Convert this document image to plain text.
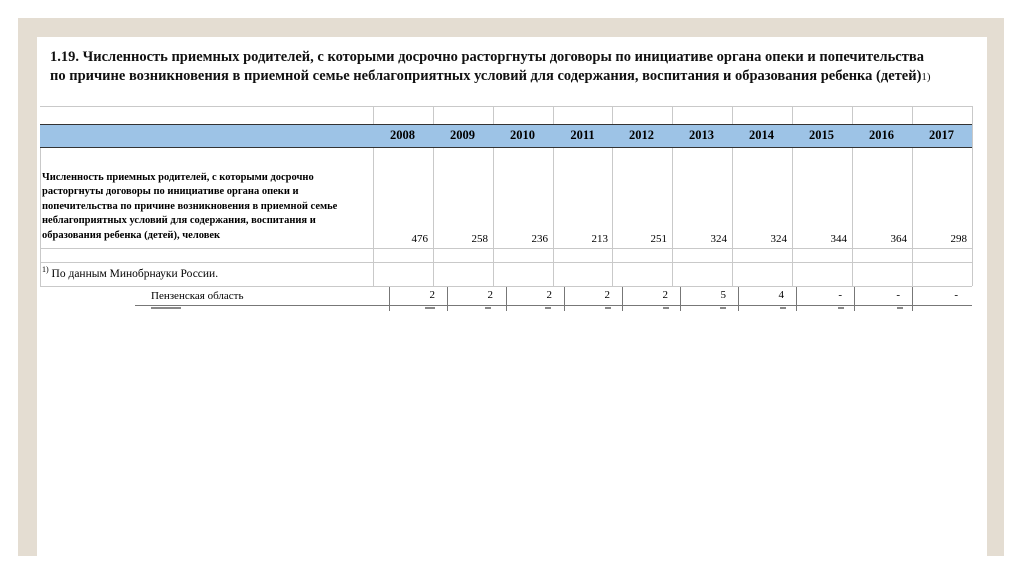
1.19. Численность приемных родителей, с которыми досрочно расторгнуты договоры по инициативе органа опеки и попечительства
по причине возникновения в приемной семье неблагоприятных условий для содержания, воспитания и образования ребенка (детей)1)
2008	2009	2010	2011	2012	2013	2014	2015	2016	2017
Численность приемных родителей, с которыми досрочно расторгнуты договоры по инициативе органа опеки и попечительства по причине возникновения в приемной семье неблагоприятных условий для содержания, воспитания и образования ребенка (детей), человек	476	258	236	213	251	324	324	344	364	298
$^{1)}$ По данным Минобрнауки России.
Пензенская область	2	2	2	2	2	5	4	-	-	-
